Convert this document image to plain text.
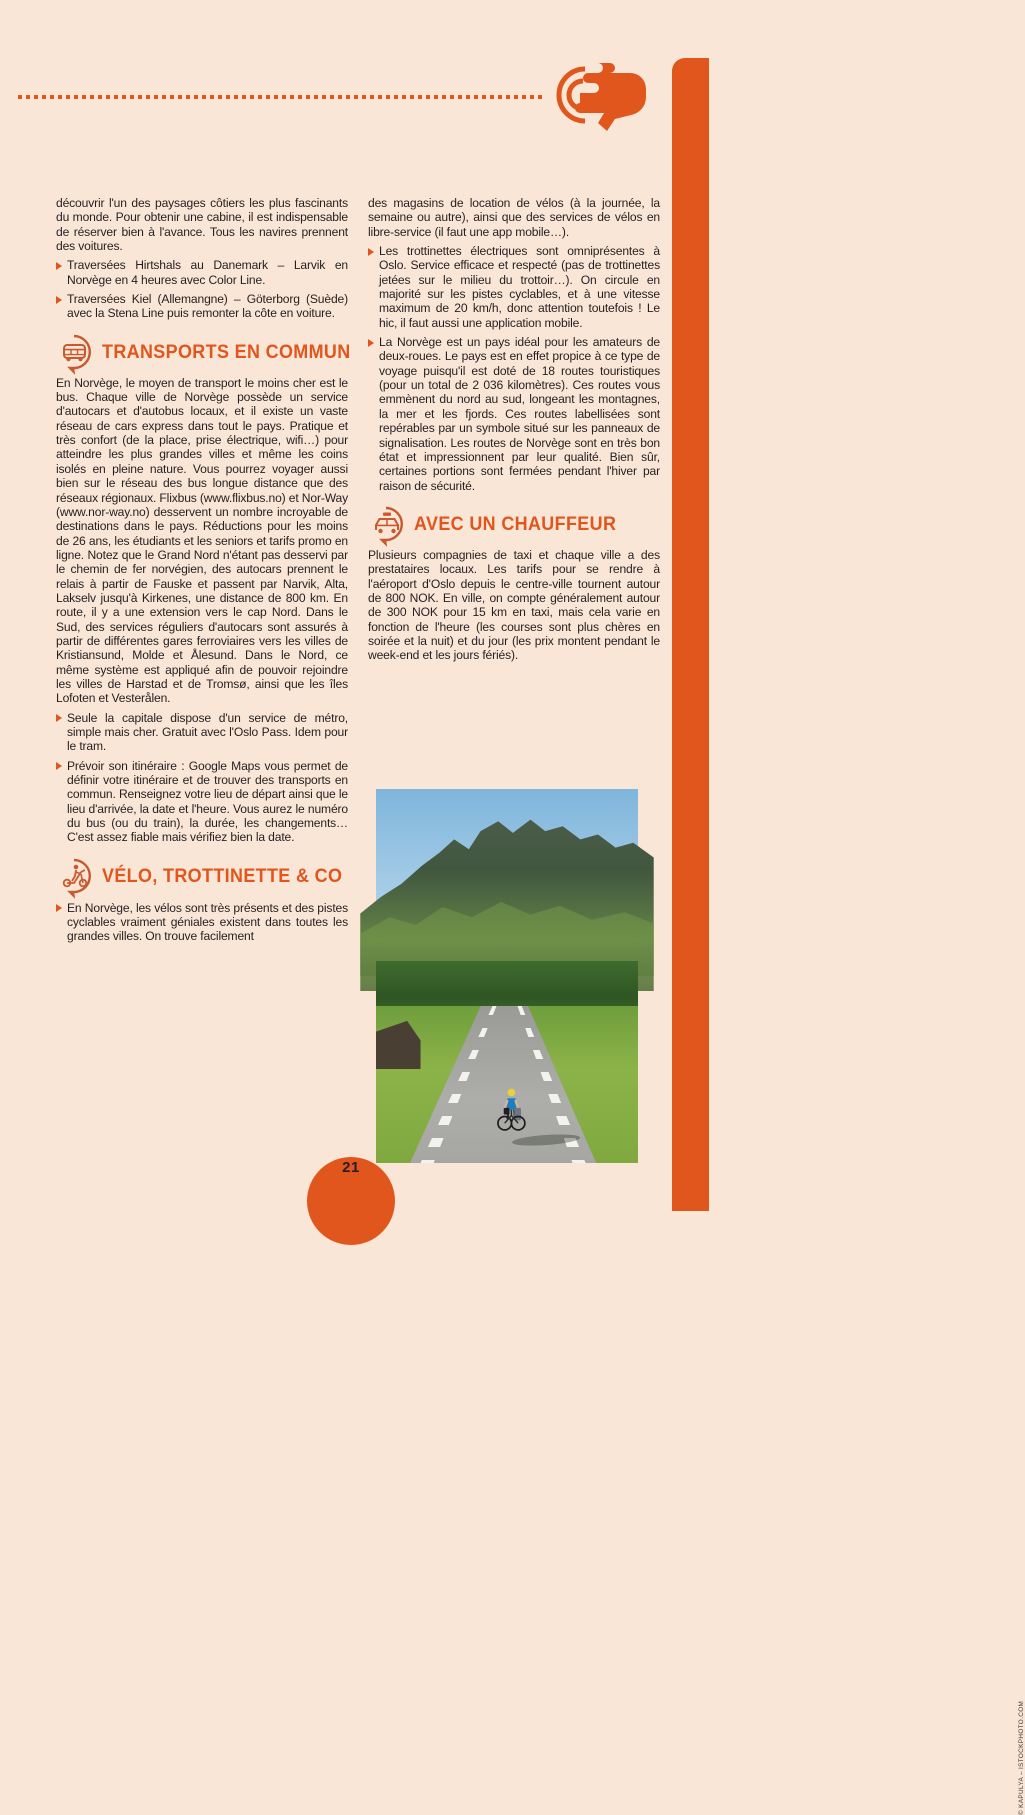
découvrir l'un des paysages côtiers les plus fascinants du monde. Pour obtenir une cabine, il est indispensable de réserver bien à l'avance. Tous les navires prennent des voitures.

Traversées Hirtshals au Danemark – Larvik en Norvège en 4 heures avec Color Line.

Traversées Kiel (Allemangne) – Göterborg (Suède) avec la Stena Line puis remonter la côte en voiture.

TRANSPORTS EN COMMUN

En Norvège, le moyen de transport le moins cher est le bus. Chaque ville de Norvège possède un service d'autocars et d'autobus locaux, et il existe un vaste réseau de cars express dans tout le pays. Pratique et très confort (de la place, prise électrique, wifi…) pour atteindre les plus grandes villes et même les coins isolés en pleine nature. Vous pourrez voyager aussi bien sur le réseau des bus longue distance que des réseaux régionaux. Flixbus (www.flixbus.no) et Nor-Way (www.nor-way.no) desservent un nombre incroyable de destinations dans le pays. Réductions pour les moins de 26 ans, les étudiants et les seniors et tarifs promo en ligne. Notez que le Grand Nord n'étant pas desservi par le chemin de fer norvégien, des autocars prennent le relais à partir de Fauske et passent par Narvik, Alta, Lakselv jusqu'à Kirkenes, une distance de 800 km. En route, il y a une extension vers le cap Nord. Dans le Sud, des services réguliers d'autocars sont assurés à partir de différentes gares ferroviaires vers les villes de Kristiansund, Molde et Ålesund. Dans le Nord, ce même système est appliqué afin de pouvoir rejoindre les villes de Harstad et de Tromsø, ainsi que les îles Lofoten et Vesterålen.

Seule la capitale dispose d'un service de métro, simple mais cher. Gratuit avec l'Oslo Pass. Idem pour le tram.

Prévoir son itinéraire : Google Maps vous permet de définir votre itinéraire et de trouver des transports en commun. Renseignez votre lieu de départ ainsi que le lieu d'arrivée, la date et l'heure. Vous aurez le numéro du bus (ou du train), la durée, les changements… C'est assez fiable mais vérifiez bien la date.

VÉLO, TROTTINETTE & CO

En Norvège, les vélos sont très présents et des pistes cyclables vraiment géniales existent dans toutes les grandes villes. On trouve facilement

des magasins de location de vélos (à la journée, la semaine ou autre), ainsi que des services de vélos en libre-service (il faut une app mobile…).

Les trottinettes électriques sont omniprésentes à Oslo. Service efficace et respecté (pas de trottinettes jetées sur le milieu du trottoir…). On circule en majorité sur les pistes cyclables, et à une vitesse maximum de 20 km/h, donc attention toutefois ! Le hic, il faut aussi une application mobile.

La Norvège est un pays idéal pour les amateurs de deux-roues. Le pays est en effet propice à ce type de voyage puisqu'il est doté de 18 routes touristiques (pour un total de 2 036 kilomètres). Ces routes vous emmènent du nord au sud, longeant les montagnes, la mer et les fjords. Ces routes labellisées sont repérables par un symbole situé sur les panneaux de signalisation. Les routes de Norvège sont en très bon état et impressionnent par leur qualité. Bien sûr, certaines portions sont fermées pendant l'hiver par raison de sécurité.

AVEC UN CHAUFFEUR

Plusieurs compagnies de taxi et chaque ville a des prestataires locaux. Les tarifs pour se rendre à l'aéroport d'Oslo depuis le centre-ville tournent autour de 800 NOK. En ville, on compte généralement autour de 300 NOK pour 15 km en taxi, mais cela varie en fonction de l'heure (les courses sont plus chères en soirée et la nuit) et du jour (les prix montent pendant le week-end et les jours fériés).

© KAPULYA – ISTOCKPHOTO.COM
21
